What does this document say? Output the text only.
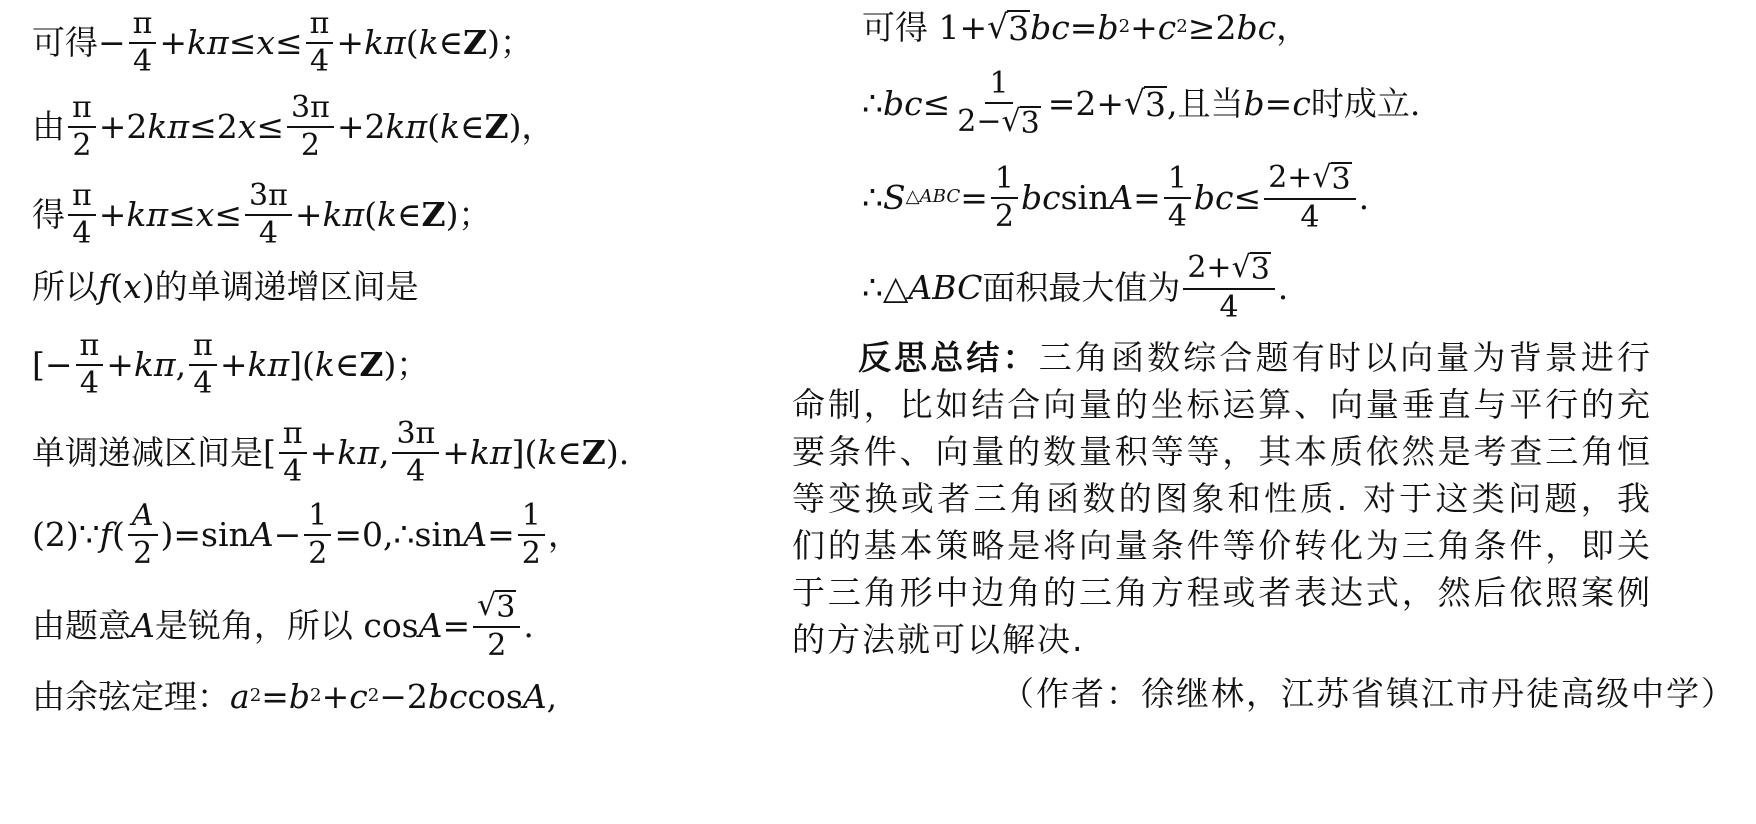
可得− $\frac{\pi}{4} + k\pi \le x \le \frac{\pi}{4} + k\pi$ ( k ∈ Z )；
由 $\frac{\pi}{2} +2$ kπ ≤2 $x \le \frac{3\pi}{2} +2$ kπ ( k ∈ Z )，
得 $\frac{\pi}{4} + k\pi \le x \le \frac{3\pi}{4} + k\pi$ ( k ∈ Z )；
所以 f ( x )的单调递增区间是
[− $\frac{\pi}{4} + k\pi$ , $\frac{\pi}{4} + k\pi$ ]( k ∈ Z )；
单调递减区间是[ $\frac{\pi}{4} + k\pi$ , $\frac{3\pi}{4} + k\pi$ ]( k ∈ Z ).
(2)∵ f ( $\frac{A}{2} )=\sin$ $A - \frac{1}{2}$ =0,∴sin $A = \frac{1}{2}$ ，
由题意 A 是锐角，所以 $\cos A = \frac{√ 3}{2}$ .
由余弦定理： a 2 = b 2 + c 2 −2 bc cos A ,
可得 1+ √ 3 bc = b 2 + c 2 ≥2 bc ，
∴ bc ≤ $\frac{1}{2- √ 3} =2+$ √ 3 ,且当 b = c 时成立.
∴ S △ABC = $\frac{1}{2}$ bc $\sin A = \frac{1}{4}$ bc ≤ $\frac{2+ √ 3}{4}$ .
∴△ ABC 面积最大值为 $\frac{2+ √ 3}{4}$ .
反思总结：三角函数综合题有时以向量为背景进行命制，比如结合向量的坐标运算、向量垂直与平行的充要条件、向量的数量积等等，其本质依然是考查三角恒等变换或者三角函数的图象和性质. 对于这类问题，我们的基本策略是将向量条件等价转化为三角条件，即关于三角形中边角的三角方程或者表达式，然后依照案例的方法就可以解决.
（作者：徐继林，江苏省镇江市丹徒高级中学）
